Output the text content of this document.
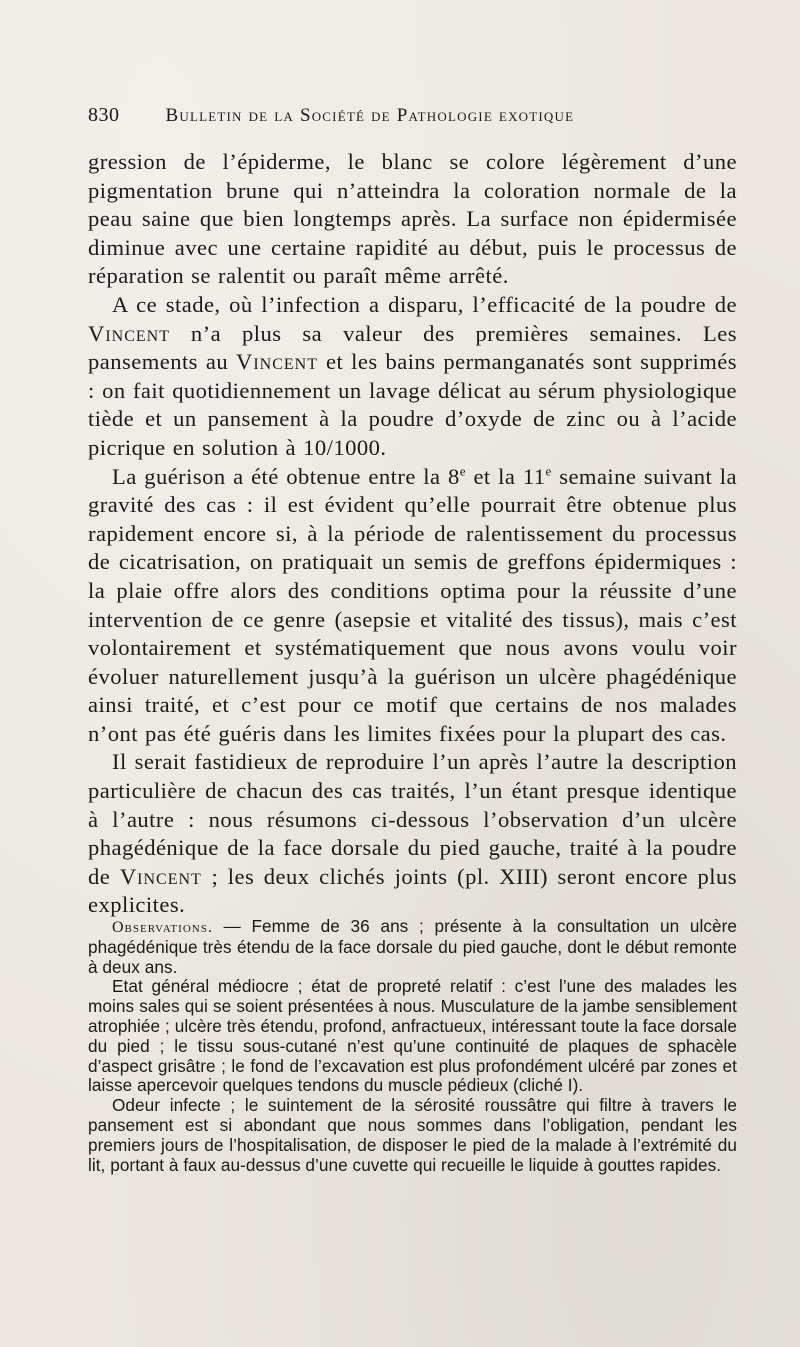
830 Bulletin de la Société de Pathologie exotique

gression de l’épiderme, le blanc se colore légèrement d’une pigmentation brune qui n’atteindra la coloration normale de la peau saine que bien longtemps après. La surface non épidermisée diminue avec une certaine rapidité au début, puis le processus de réparation se ralentit ou paraît même arrêté.

A ce stade, où l’infection a disparu, l’efficacité de la poudre de Vincent n’a plus sa valeur des premières semaines. Les pansements au Vincent et les bains permanganatés sont supprimés : on fait quotidiennement un lavage délicat au sérum physiologique tiède et un pansement à la poudre d’oxyde de zinc ou à l’acide picrique en solution à 10/1000.

La guérison a été obtenue entre la 8e et la 11e semaine suivant la gravité des cas : il est évident qu’elle pourrait être obtenue plus rapidement encore si, à la période de ralentissement du processus de cicatrisation, on pratiquait un semis de greffons épidermiques : la plaie offre alors des conditions optima pour la réussite d’une intervention de ce genre (asepsie et vitalité des tissus), mais c’est volontairement et systématiquement que nous avons voulu voir évoluer naturellement jusqu’à la guérison un ulcère phagédénique ainsi traité, et c’est pour ce motif que certains de nos malades n’ont pas été guéris dans les limites fixées pour la plupart des cas.

Il serait fastidieux de reproduire l’un après l’autre la description particulière de chacun des cas traités, l’un étant presque identique à l’autre : nous résumons ci-dessous l’observation d’un ulcère phagédénique de la face dorsale du pied gauche, traité à la poudre de Vincent ; les deux clichés joints (pl. XIII) seront encore plus explicites.

Observations. — Femme de 36 ans ; présente à la consultation un ulcère phagédénique très étendu de la face dorsale du pied gauche, dont le début remonte à deux ans.

Etat général médiocre ; état de propreté relatif : c’est l’une des malades les moins sales qui se soient présentées à nous. Musculature de la jambe sensiblement atrophiée ; ulcère très étendu, profond, anfractueux, intéressant toute la face dorsale du pied ; le tissu sous-cutané n’est qu’une continuité de plaques de sphacèle d’aspect grisâtre ; le fond de l’excavation est plus profondément ulcéré par zones et laisse apercevoir quelques tendons du muscle pédieux (cliché I).

Odeur infecte ; le suintement de la sérosité roussâtre qui filtre à travers le pansement est si abondant que nous sommes dans l’obligation, pendant les premiers jours de l’hospitalisation, de disposer le pied de la malade à l’extrémité du lit, portant à faux au-dessus d’une cuvette qui recueille le liquide à gouttes rapides.
